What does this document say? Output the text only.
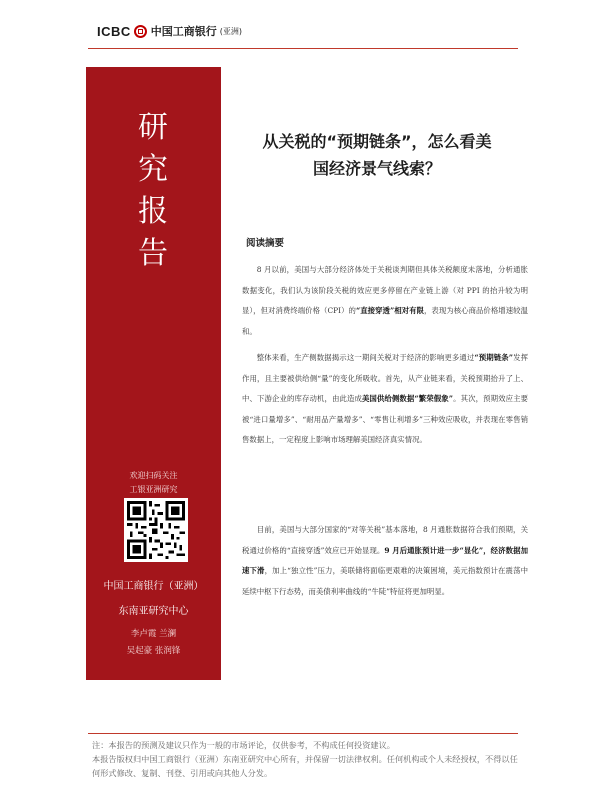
ICBC 中国工商银行 (亚洲)
研
究
报
告
欢迎扫码关注
工银亚洲研究
中国工商银行（亚洲）
东南亚研究中心
李卢霞 兰澜
吴起豪 张润锋
从关税的“预期链条”，怎么看美
国经济景气线索？
阅读摘要

8 月以前，美国与大部分经济体处于关税谈判期但具体关税额度未落地，分析通胀数据变化，我们认为该阶段关税的效应更多停留在产业链上游（对 PPI 的抬升较为明显），但对消费终端价格（CPI）的“直接穿透”相对有限，表现为核心商品价格增速较温和。

整体来看，生产侧数据揭示这一期间关税对于经济的影响更多通过“预期链条”发挥作用，且主要被供给侧“量”的变化所吸收。首先，从产业链来看，关税预期抬升了上、中、下游企业的库存动机，由此造成美国供给侧数据“繁荣假象”。其次，预期效应主要被“进口量增多”、“耐用品产量增多”、“零售让利增多”三种效应吸收，并表现在零售销售数据上，一定程度上影响市场理解美国经济真实情况。

目前，美国与大部分国家的“对等关税”基本落地，8 月通胀数据符合我们预期，关税通过价格的“直接穿透”效应已开始显现。9 月后通胀预计进一步“显化”，经济数据加速下滑，加上“独立性”压力，美联储将面临更艰难的决策困境，美元指数预计在震荡中延续中枢下行态势，而美债利率曲线的“牛陡”特征将更加明显。

注：本报告的预测及建议只作为一般的市场评论，仅供参考，不构成任何投资建议。
本报告版权归中国工商银行（亚洲）东南亚研究中心所有，并保留一切法律权利。任何机构或个人未经授权，不得以任何形式修改、复制、刊登、引用或向其他人分发。
